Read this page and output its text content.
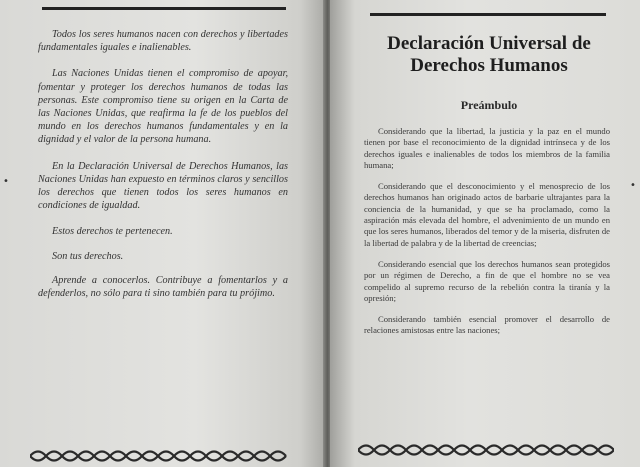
•

Todos los seres humanos nacen con derechos y libertades fundamentales iguales e inalienables.

Las Naciones Unidas tienen el compromiso de apoyar, fomentar y proteger los derechos humanos de todas las personas. Este compromiso tiene su origen en la Carta de las Naciones Unidas, que reafirma la fe de los pueblos del mundo en los derechos humanos fundamentales y en la dignidad y el valor de la persona humana.

En la Declaración Universal de Derechos Humanos, las Naciones Unidas han expuesto en términos claros y sencillos los derechos que tienen todos los seres humanos en condiciones de igualdad.

Estos derechos te pertenecen.

Son tus derechos.

Aprende a conocerlos. Contribuye a fomentarlos y a defenderlos, no sólo para ti sino también para tu prójimo.

Declaración Universal de Derechos Humanos
Preámbulo

Considerando que la libertad, la justicia y la paz en el mundo tienen por base el reconocimiento de la dignidad intrínseca y de los derechos iguales e inalienables de todos los miembros de la familia humana;

Considerando que el desconocimiento y el menosprecio de los derechos humanos han originado actos de barbarie ultrajantes para la conciencia de la humanidad, y que se ha proclamado, como la aspiración más elevada del hombre, el advenimiento de un mundo en que los seres humanos, liberados del temor y de la miseria, disfruten de la libertad de palabra y de la libertad de creencias;

Considerando esencial que los derechos humanos sean protegidos por un régimen de Derecho, a fin de que el hombre no se vea compelido al supremo recurso de la rebelión contra la tiranía y la opresión;

Considerando también esencial promover el desarrollo de relaciones amistosas entre las naciones;

•
